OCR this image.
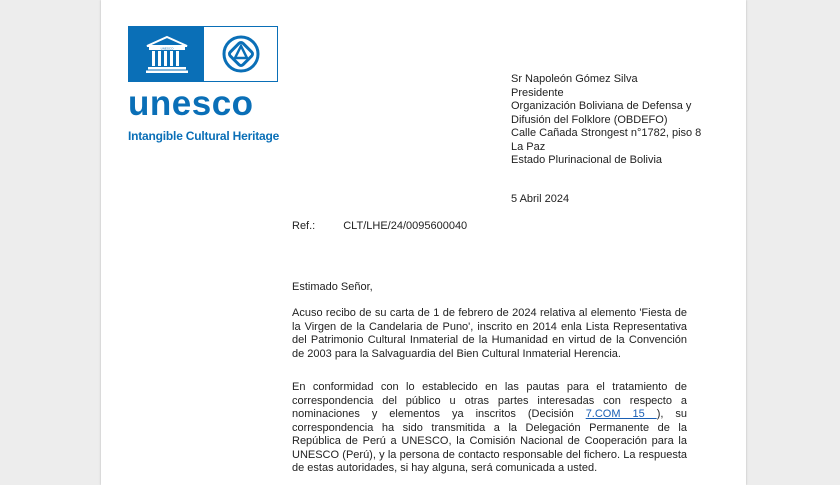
UNESCO
unesco
Intangible Cultural Heritage
Sr Napoleón Gómez Silva
Presidente
Organización Boliviana de Defensa y
Difusión del Folklore (OBDEFO)
Calle Cañada Strongest n°1782, piso 8
La Paz
Estado Plurinacional de Bolivia
5 Abril 2024
Ref.:	CLT/LHE/24/0095600040
Estimado Señor,
Acuso recibo de su carta de 1 de febrero de 2024 relativa al elemento 'Fiesta de la Virgen de la Candelaria de Puno', inscrito en 2014 enla Lista Representativa del Patrimonio Cultural Inmaterial de la Humanidad en virtud de la Convención de 2003 para la Salvaguardia del Bien Cultural Inmaterial Herencia.
En conformidad con lo establecido en las pautas para el tratamiento de correspondencia del público u otras partes interesadas con respecto a nominaciones y elementos ya inscritos (Decisión 7.COM 15 ), su correspondencia ha sido transmitida a la Delegación Permanente de la República de Perú a UNESCO, la Comisión Nacional de Cooperación para la UNESCO (Perú), y la persona de contacto responsable del fichero. La respuesta de estas autoridades, si hay alguna, será comunicada a usted.
